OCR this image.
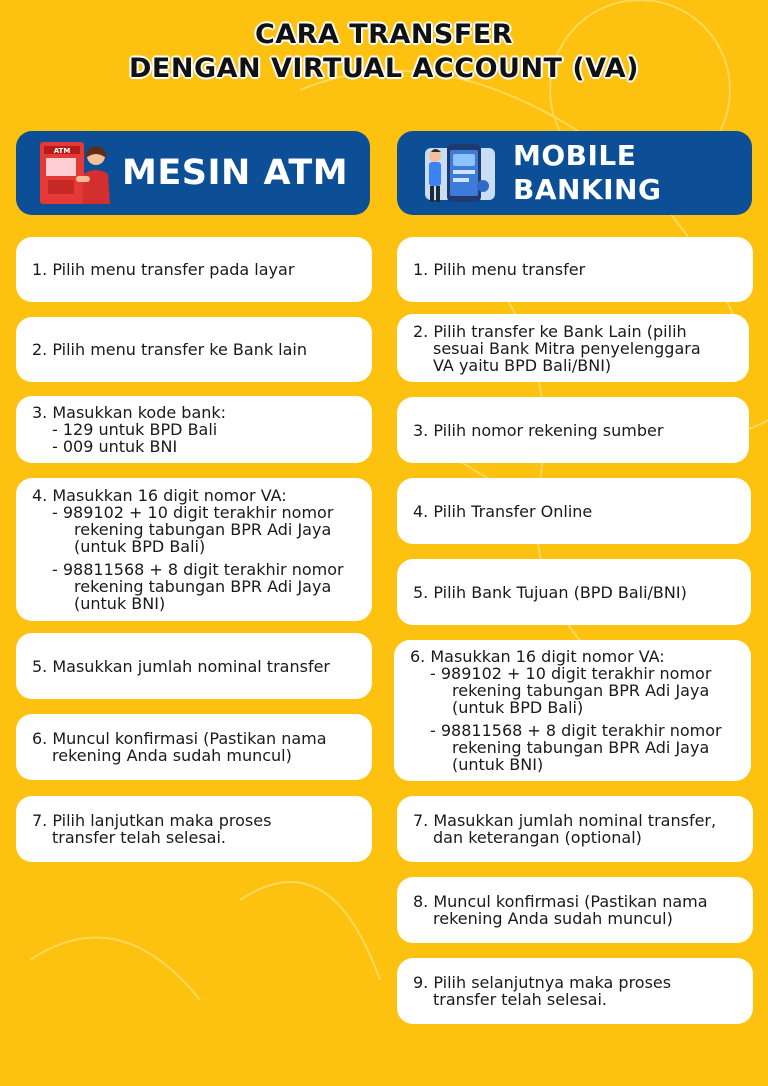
CARA TRANSFER
DENGAN VIRTUAL ACCOUNT (VA)
ATM
MESIN ATM	MOBILE
BANKING
1. Pilih menu transfer pada layar
2. Pilih menu transfer ke Bank lain
3. Masukkan kode bank:
- 129 untuk BPD Bali
- 009 untuk BNI
4. Masukkan 16 digit nomor VA:
- 989102 + 10 digit terakhir nomor
rekening tabungan BPR Adi Jaya
(untuk BPD Bali)
- 98811568 + 8 digit terakhir nomor
rekening tabungan BPR Adi Jaya
(untuk BNI)
5. Masukkan jumlah nominal transfer
6. Muncul konfirmasi (Pastikan nama
rekening Anda sudah muncul)
7. Pilih lanjutkan maka proses
transfer telah selesai.
1. Pilih menu transfer
2. Pilih transfer ke Bank Lain (pilih
sesuai Bank Mitra penyelenggara
VA yaitu BPD Bali/BNI)
3. Pilih nomor rekening sumber
4. Pilih Transfer Online
5. Pilih Bank Tujuan (BPD Bali/BNI)
6. Masukkan 16 digit nomor VA:
- 989102 + 10 digit terakhir nomor
rekening tabungan BPR Adi Jaya
(untuk BPD Bali)
- 98811568 + 8 digit terakhir nomor
rekening tabungan BPR Adi Jaya
(untuk BNI)
7. Masukkan jumlah nominal transfer,
dan keterangan (optional)
8. Muncul konfirmasi (Pastikan nama
rekening Anda sudah muncul)
9. Pilih selanjutnya maka proses
transfer telah selesai.
